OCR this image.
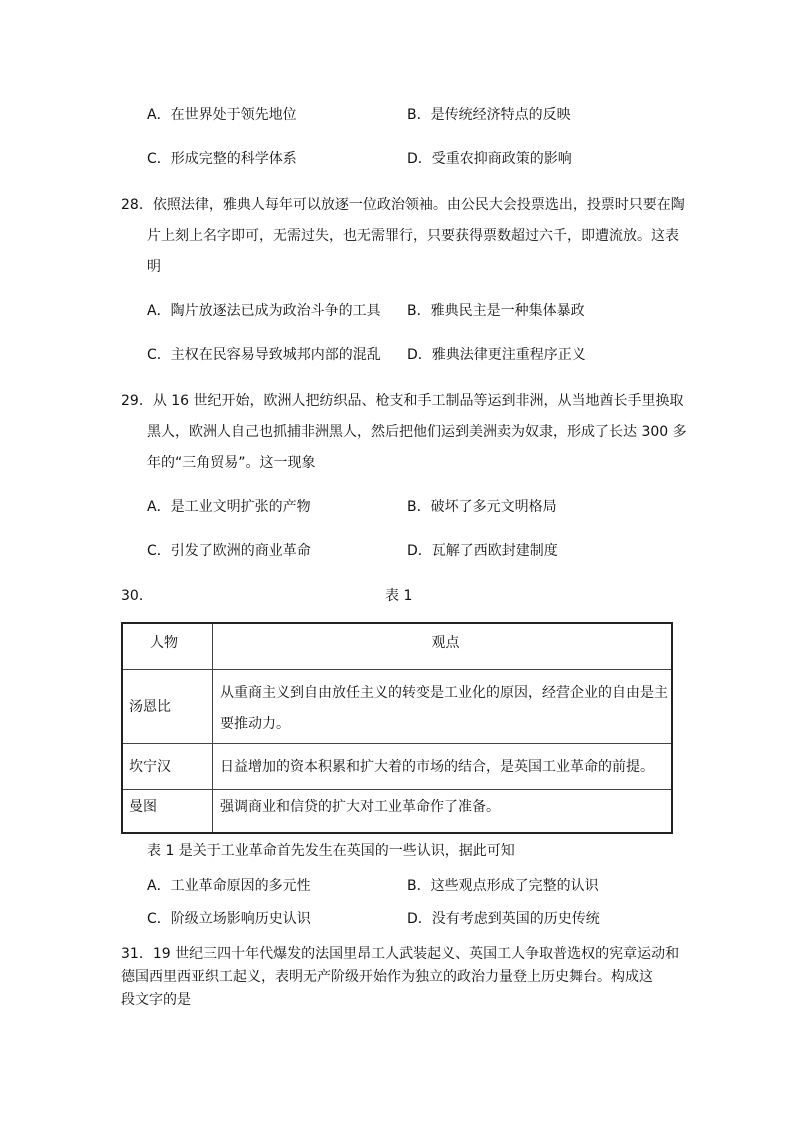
A．在世界处于领先地位	B．是传统经济特点的反映
C．形成完整的科学体系	D．受重农抑商政策的影响
28．依照法律，雅典人每年可以放逐一位政治领袖。由公民大会投票选出，投票时只要在陶
片上刻上名字即可，无需过失，也无需罪行，只要获得票数超过六千，即遭流放。这表
明
A．陶片放逐法已成为政治斗争的工具 B．雅典民主是一种集体暴政
C．主权在民容易导致城邦内部的混乱 D．雅典法律更注重程序正义
29．从 16 世纪开始，欧洲人把纺织品、枪支和手工制品等运到非洲，从当地酋长手里换取
黑人，欧洲人自己也抓捕非洲黑人，然后把他们运到美洲卖为奴隶，形成了长达 300 多
年的“三角贸易”。这一现象
A．是工业文明扩张的产物	B．破坏了多元文明格局
C．引发了欧洲的商业革命	D．瓦解了西欧封建制度
30．	表 1
人物	观点
汤恩比	从重商主义到自由放任主义的转变是工业化的原因，经营企业的自由是主
要推动力。

坎宁汉	日益增加的资本积累和扩大着的市场的结合，是英国工业革命的前提。
曼图	强调商业和信贷的扩大对工业革命作了准备。
表 1 是关于工业革命首先发生在英国的一些认识，据此可知
A．工业革命原因的多元性	B．这些观点形成了完整的认识
C．阶级立场影响历史认识	D．没有考虑到英国的历史传统
31．19 世纪三四十年代爆发的法国里昂工人武装起义、英国工人争取普选权的宪章运动和
德国西里西亚织工起义，表明无产阶级开始作为独立的政治力量登上历史舞台。构成这
段文字的是
